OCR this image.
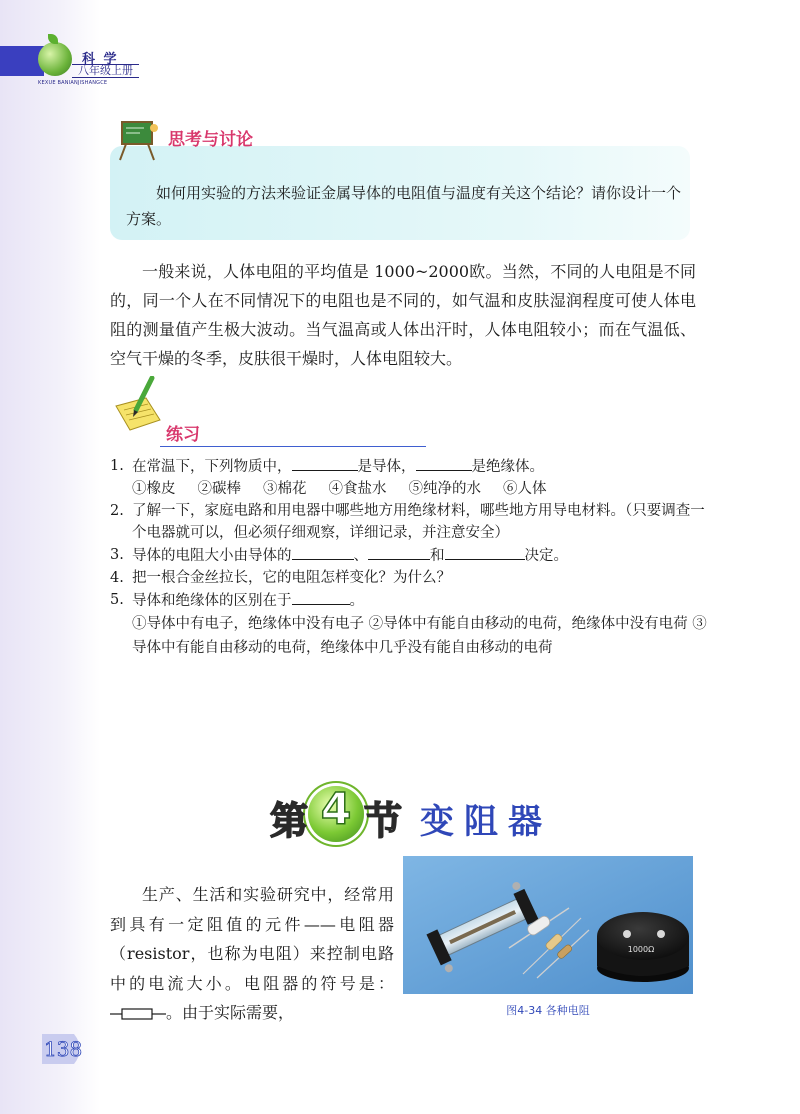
科 学
八年级上册
KEXUE BANIANJISHANGCE
思考与讨论
如何用实验的方法来验证金属导体的电阻值与温度有关这个结论？请你设计一个方案。
一般来说，人体电阻的平均值是 1000~2000欧。当然，不同的人电阻是不同的，同一个人在不同情况下的电阻也是不同的，如气温和皮肤湿润程度可使人体电阻的测量值产生极大波动。当气温高或人体出汗时，人体电阻较小；而在气温低、空气干燥的冬季，皮肤很干燥时，人体电阻较大。
练习
1. 在常温下，下列物质中，	是导体，	是绝缘体。

①橡皮 ②碳棒 ③棉花 ④食盐水 ⑤纯净的水 ⑥人体

2. 了解一下，家庭电路和用电器中哪些地方用绝缘材料，哪些地方用导电材料。（只要调查一个电器就可以，但必须仔细观察，详细记录，并注意安全）

3. 导体的电阻大小由导体的	、	和	决定。

4. 把一根合金丝拉长，它的电阻怎样变化？为什么？

5. 导体和绝缘体的区别在于	。

①导体中有电子，绝缘体中没有电子 ②导体中有能自由移动的电荷，绝缘体中没有电荷 ③导体中有能自由移动的电荷，绝缘体中几乎没有能自由移动的电荷

4
第 节 变阻器
生产、生活和实验研究中，经常用到具有一定阻值的元件——电阻器（resistor，也称为电阻）来控制电路中的电流大小。电阻器的符号是：。由于实际需要，
1000Ω
图4-34 各种电阻
138
